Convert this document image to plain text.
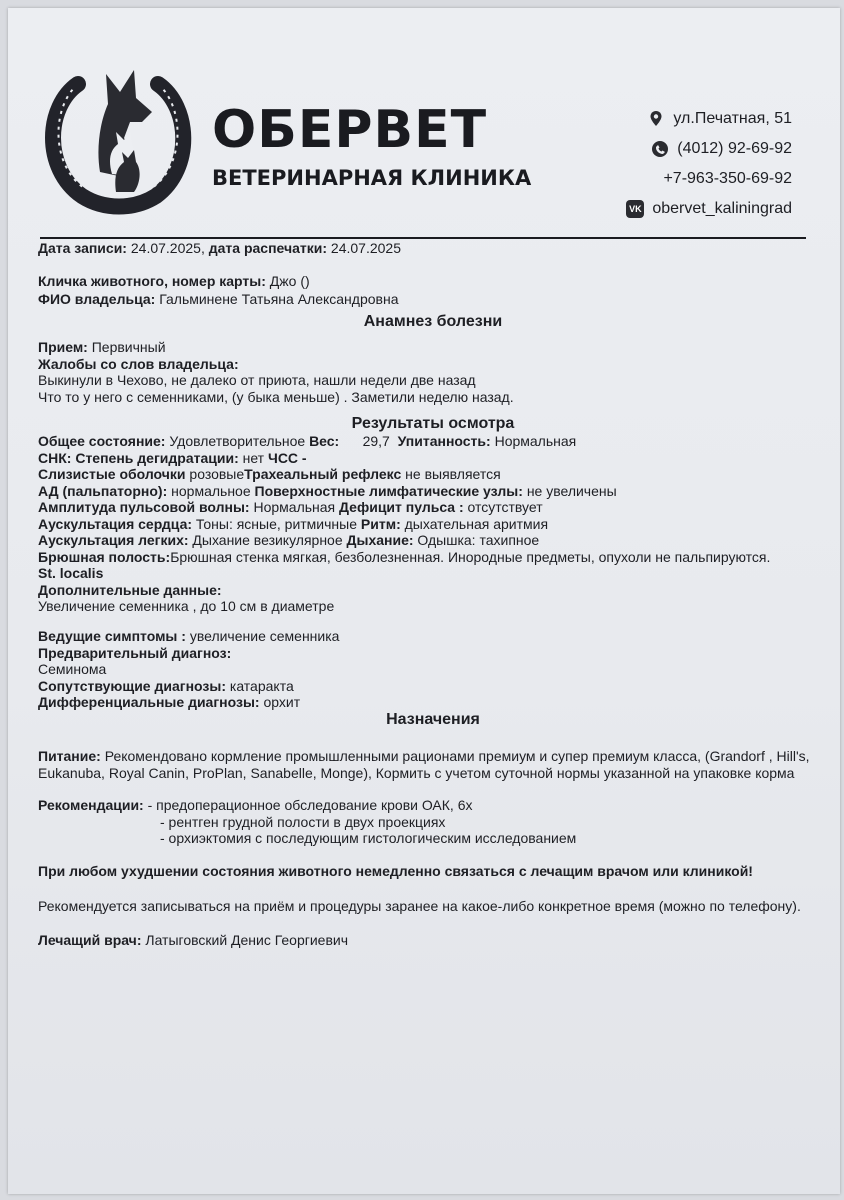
ОБЕРВЕТ
ВЕТЕРИНАРНАЯ КЛИНИКА
ул.Печатная, 51
(4012) 92-69-92
+7-963-350-69-92
VK obervet_kaliningrad

Дата записи: 24.07.2025, дата распечатки: 24.07.2025

Кличка животного, номер карты: Джо ()

ФИО владельца: Гальминене Татьяна Александровна

Анамнез болезни

Прием: Первичный

Жалобы со слов владельца:

Выкинули в Чехово, не далеко от приюта, нашли недели две назад

Что то у него с семенниками, (у быка меньше) . Заметили неделю назад.

Результаты осмотра

Общее состояние: Удовлетворительное Вес: 29,7 Упитанность: Нормальная

СНК: Степень дегидратации: нет ЧСС -

Слизистые оболочки розовыеТрахеальный рефлекс не выявляется

АД (пальпаторно): нормальное Поверхностные лимфатические узлы: не увеличены

Амплитуда пульсовой волны: Нормальная Дефицит пульса : отсутствует

Аускультация сердца: Тоны: ясные, ритмичные Ритм: дыхательная аритмия

Аускультация легких: Дыхание везикулярное Дыхание: Одышка: тахипное

Брюшная полость:Брюшная стенка мягкая, безболезненная. Инородные предметы, опухоли не пальпируются.

St. localis

Дополнительные данные:

Увеличение семенника , до 10 см в диаметре

Ведущие симптомы : увеличение семенника

Предварительный диагноз:

Семинома

Сопутствующие диагнозы: катаракта

Дифференциальные диагнозы: орхит

Назначения

Питание: Рекомендовано кормление промышленными рационами премиум и супер премиум класса, (Grandorf , Hill's,

Eukanuba, Royal Canin, ProPlan, Sanabelle, Monge), Кормить с учетом суточной нормы указанной на упаковке корма

Рекомендации: - предоперационное обследование крови ОАК, 6х

- рентген грудной полости в двух проекциях

- орхиэктомия с последующим гистологическим исследованием

При любом ухудшении состояния животного немедленно связаться с лечащим врачом или клиникой!

Рекомендуется записываться на приём и процедуры заранее на какое-либо конкретное время (можно по телефону).

Лечащий врач: Латыговский Денис Георгиевич
